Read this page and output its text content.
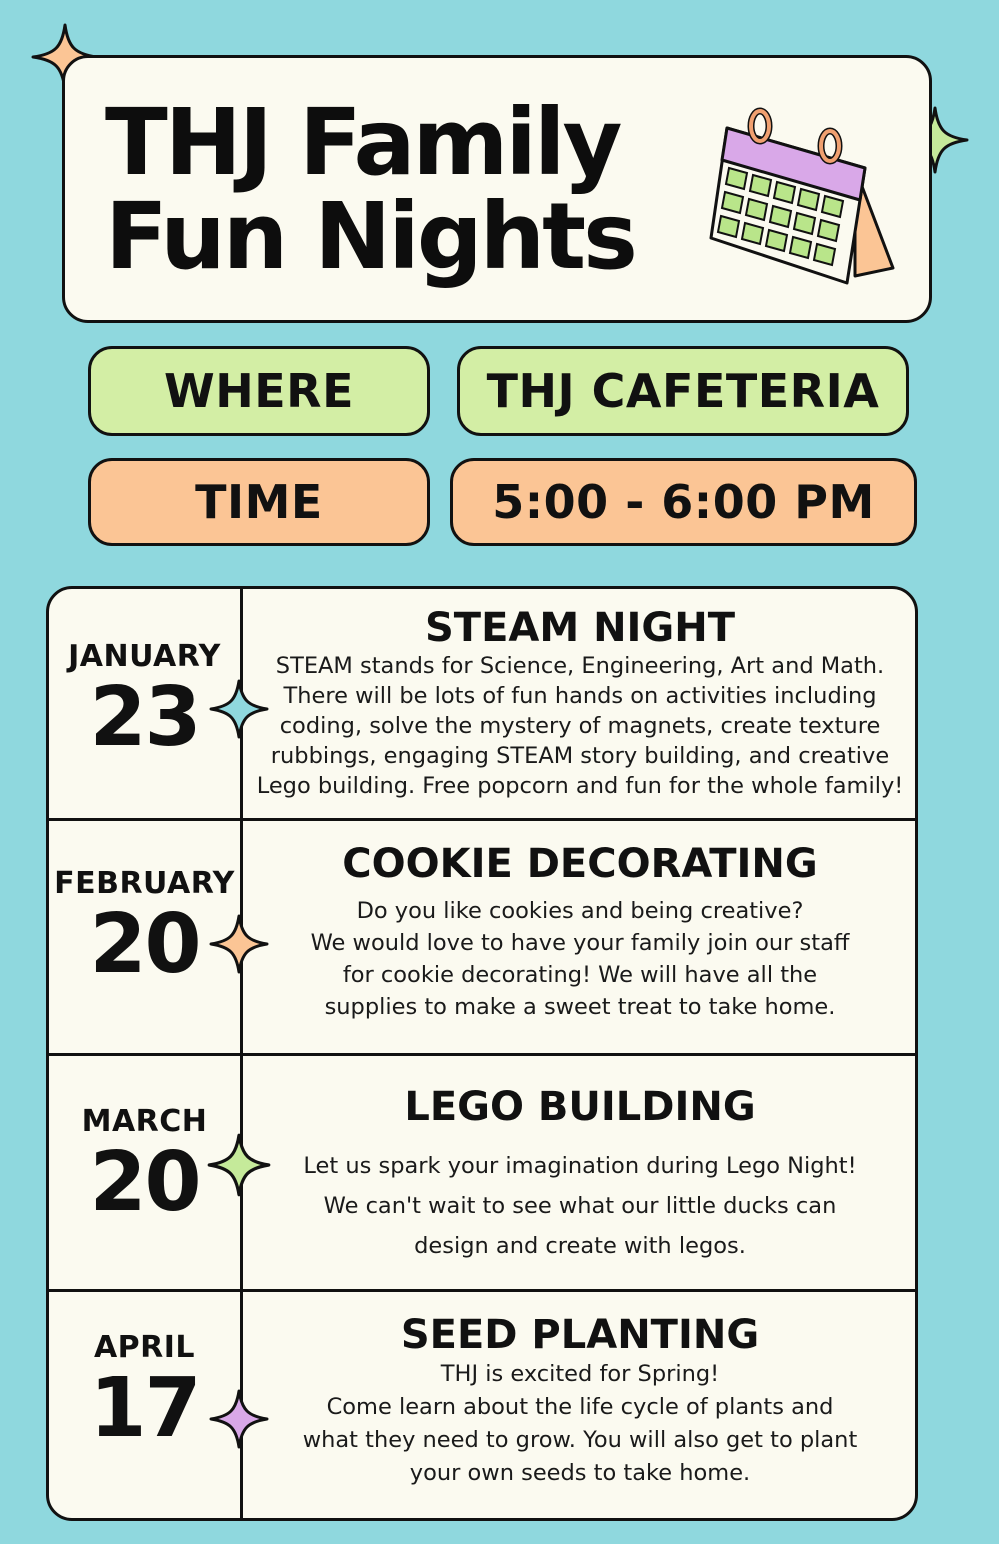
THJ Family
Fun Nights
WHERE	THJ CAFETERIA
TIME	5:00 - 6:00 PM
JANUARY
23
STEAM NIGHT

STEAM stands for Science, Engineering, Art and Math.
There will be lots of fun hands on activities including
coding, solve the mystery of magnets, create texture
rubbings, engaging STEAM story building, and creative
Lego building. Free popcorn and fun for the whole family!

FEBRUARY
20
COOKIE DECORATING

Do you like cookies and being creative?
We would love to have your family join our staff
for cookie decorating! We will have all the
supplies to make a sweet treat to take home.

MARCH
20
LEGO BUILDING

Let us spark your imagination during Lego Night!
We can't wait to see what our little ducks can
design and create with legos.

APRIL
17
SEED PLANTING

THJ is excited for Spring!
Come learn about the life cycle of plants and
what they need to grow. You will also get to plant
your own seeds to take home.
